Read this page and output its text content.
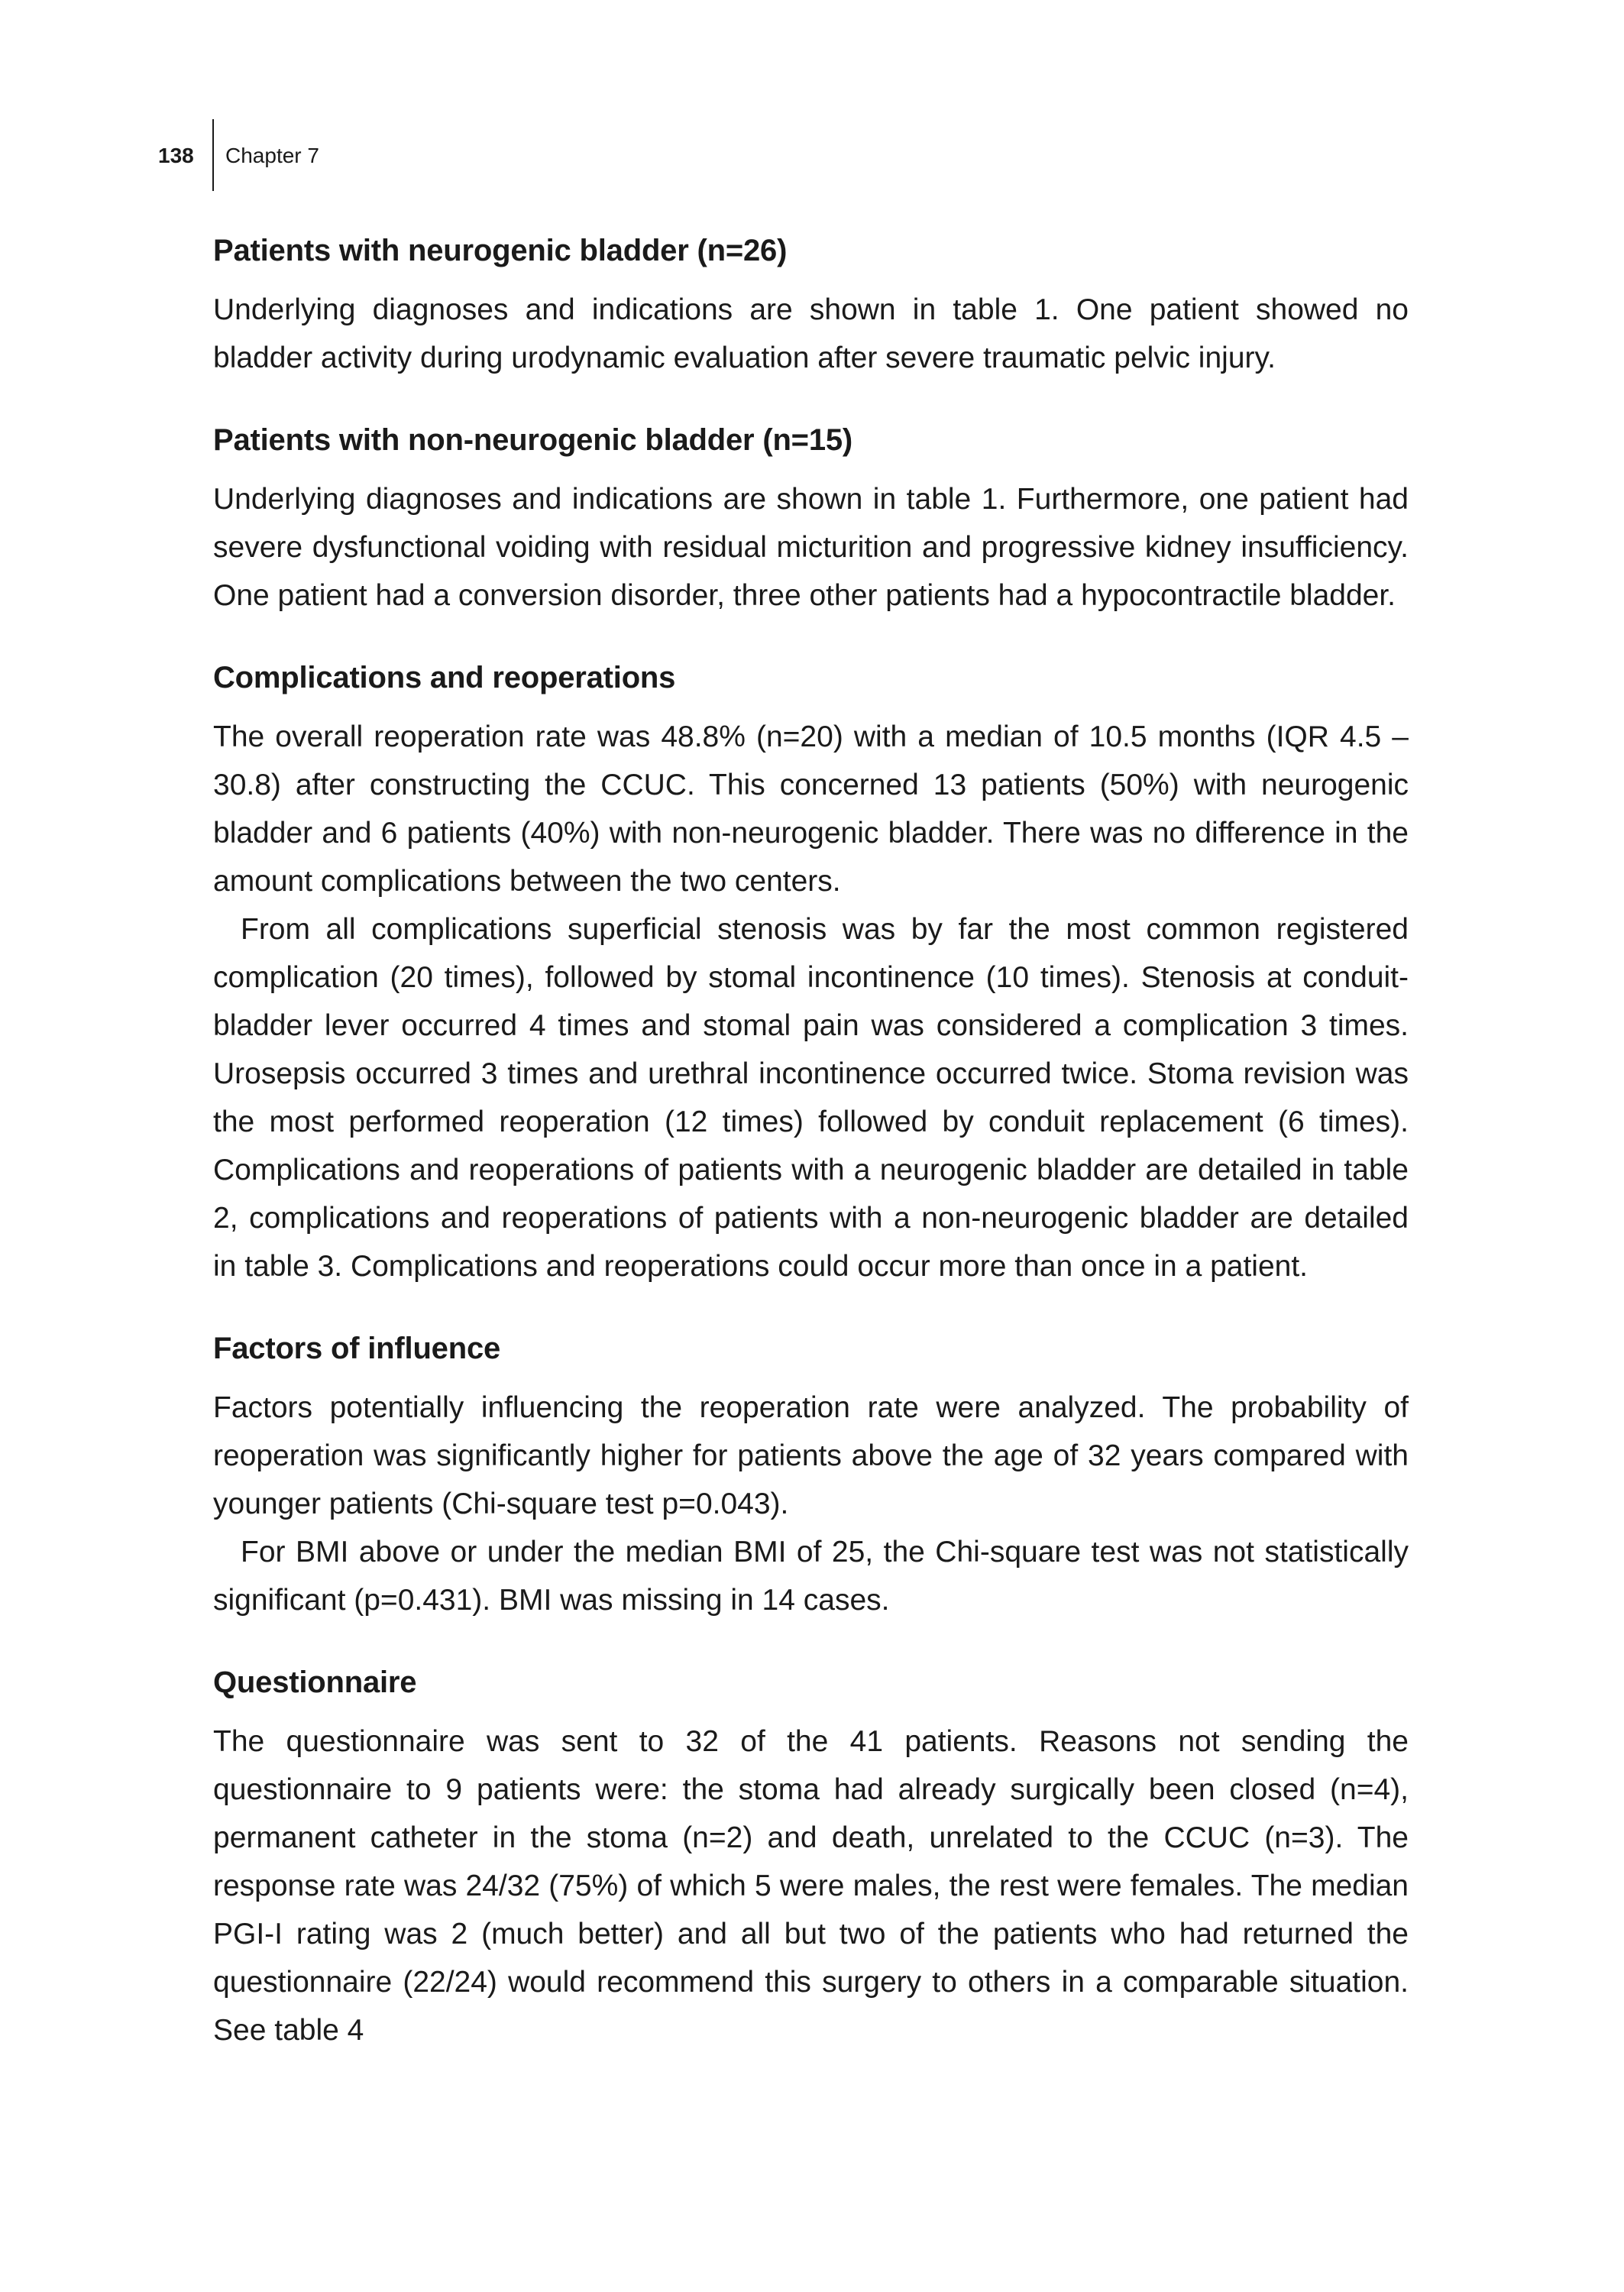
138 Chapter 7
Patients with neurogenic bladder (n=26)

Underlying diagnoses and indications are shown in table 1. One patient showed no bladder activity during urodynamic evaluation after severe traumatic pelvic injury.

Patients with non-neurogenic bladder (n=15)

Underlying diagnoses and indications are shown in table 1. Furthermore, one patient had severe dysfunctional voiding with residual micturition and progressive kidney insufficiency. One patient had a conversion disorder, three other patients had a hypocontractile bladder.

Complications and reoperations

The overall reoperation rate was 48.8% (n=20) with a median of 10.5 months (IQR 4.5 – 30.8) after constructing the CCUC. This concerned 13 patients (50%) with neurogenic bladder and 6 patients (40%) with non-neurogenic bladder. There was no difference in the amount complications between the two centers.

From all complications superficial stenosis was by far the most common registered complication (20 times), followed by stomal incontinence (10 times). Stenosis at conduit-bladder lever occurred 4 times and stomal pain was considered a complication 3 times. Urosepsis occurred 3 times and urethral incontinence occurred twice. Stoma revision was the most performed reoperation (12 times) followed by conduit replacement (6 times). Complications and reoperations of patients with a neurogenic bladder are detailed in table 2, complications and reoperations of patients with a non-neurogenic bladder are detailed in table 3. Complications and reoperations could occur more than once in a patient.

Factors of influence

Factors potentially influencing the reoperation rate were analyzed. The probability of reoperation was significantly higher for patients above the age of 32 years compared with younger patients (Chi-square test p=0.043).

For BMI above or under the median BMI of 25, the Chi-square test was not statistically significant (p=0.431). BMI was missing in 14 cases.

Questionnaire

The questionnaire was sent to 32 of the 41 patients. Reasons not sending the questionnaire to 9 patients were: the stoma had already surgically been closed (n=4), permanent catheter in the stoma (n=2) and death, unrelated to the CCUC (n=3). The response rate was 24/32 (75%) of which 5 were males, the rest were females. The median PGI-I rating was 2 (much better) and all but two of the patients who had returned the questionnaire (22/24) would recommend this surgery to others in a comparable situation. See table 4
